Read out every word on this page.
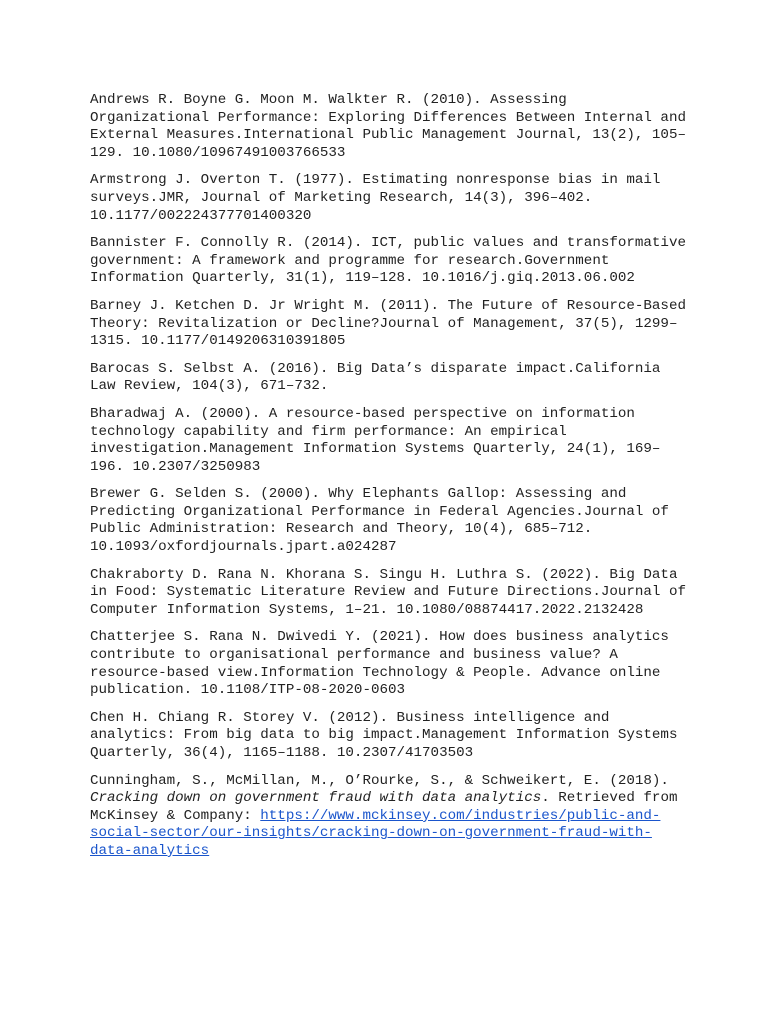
Andrews R. Boyne G. Moon M. Walkter R. (2010). Assessing Organizational Performance: Exploring Differences Between Internal and External Measures.International Public Management Journal, 13(2), 105–129. 10.1080/10967491003766533

Armstrong J. Overton T. (1977). Estimating nonresponse bias in mail surveys.JMR, Journal of Marketing Research, 14(3), 396–402. 10.1177/002224377701400320

Bannister F. Connolly R. (2014). ICT, public values and transformative government: A framework and programme for research.Government Information Quarterly, 31(1), 119–128. 10.1016/j.giq.2013.06.002

Barney J. Ketchen D. Jr Wright M. (2011). The Future of Resource-Based Theory: Revitalization or Decline?Journal of Management, 37(5), 1299–1315. 10.1177/0149206310391805

Barocas S. Selbst A. (2016). Big Data’s disparate impact.California Law Review, 104(3), 671–732.

Bharadwaj A. (2000). A resource-based perspective on information technology capability and firm performance: An empirical investigation.Management Information Systems Quarterly, 24(1), 169–196. 10.2307/3250983

Brewer G. Selden S. (2000). Why Elephants Gallop: Assessing and Predicting Organizational Performance in Federal Agencies.Journal of Public Administration: Research and Theory, 10(4), 685–712. 10.1093/oxfordjournals.jpart.a024287

Chakraborty D. Rana N. Khorana S. Singu H. Luthra S. (2022). Big Data in Food: Systematic Literature Review and Future Directions.Journal of Computer Information Systems, 1–21. 10.1080/08874417.2022.2132428

Chatterjee S. Rana N. Dwivedi Y. (2021). How does business analytics contribute to organisational performance and business value? A resource-based view.Information Technology & People. Advance online publication. 10.1108/ITP-08-2020-0603

Chen H. Chiang R. Storey V. (2012). Business intelligence and analytics: From big data to big impact.Management Information Systems Quarterly, 36(4), 1165–1188. 10.2307/41703503

Cunningham, S., McMillan, M., O’Rourke, S., & Schweikert, E. (2018). Cracking down on government fraud with data analytics. Retrieved from McKinsey & Company: https://www.mckinsey.com/industries/public-and-social-sector/our-insights/cracking-down-on-government-fraud-with-data-analytics
